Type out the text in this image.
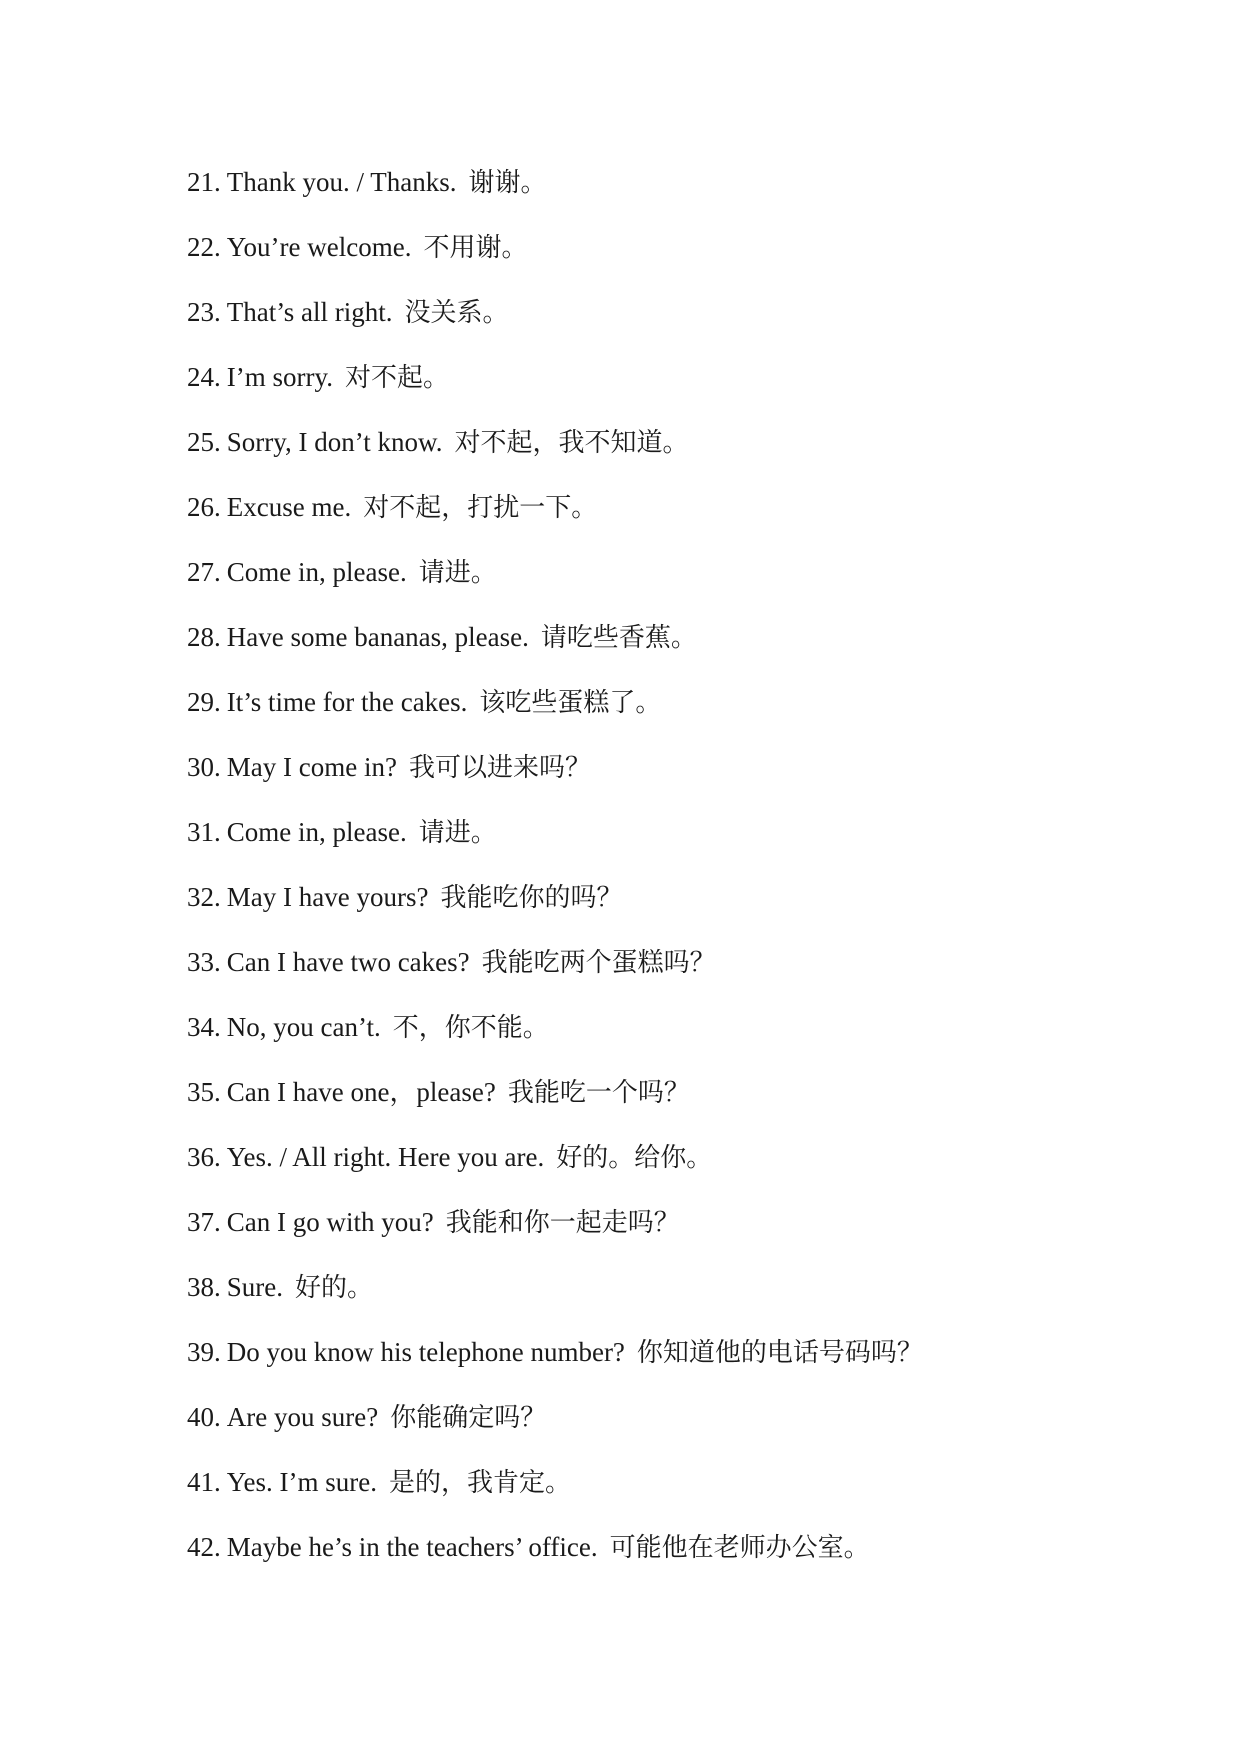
21. Thank you. / Thanks. 谢谢。
22. You’re welcome. 不用谢。
23. That’s all right. 没关系。
24. I’m sorry. 对不起。
25. Sorry, I don’t know. 对不起，我不知道。
26. Excuse me. 对不起，打扰一下。
27. Come in, please. 请进。
28. Have some bananas, please. 请吃些香蕉。
29. It’s time for the cakes. 该吃些蛋糕了。
30. May I come in? 我可以进来吗？
31. Come in, please. 请进。
32. May I have yours? 我能吃你的吗？
33. Can I have two cakes? 我能吃两个蛋糕吗？
34. No, you can’t. 不，你不能。
35. Can I have one，please? 我能吃一个吗？
36. Yes. / All right. Here you are. 好的。给你。
37. Can I go with you? 我能和你一起走吗？
38. Sure. 好的。
39. Do you know his telephone number? 你知道他的电话号码吗？
40. Are you sure? 你能确定吗？
41. Yes. I’m sure. 是的，我肯定。
42. Maybe he’s in the teachers’ office. 可能他在老师办公室。
